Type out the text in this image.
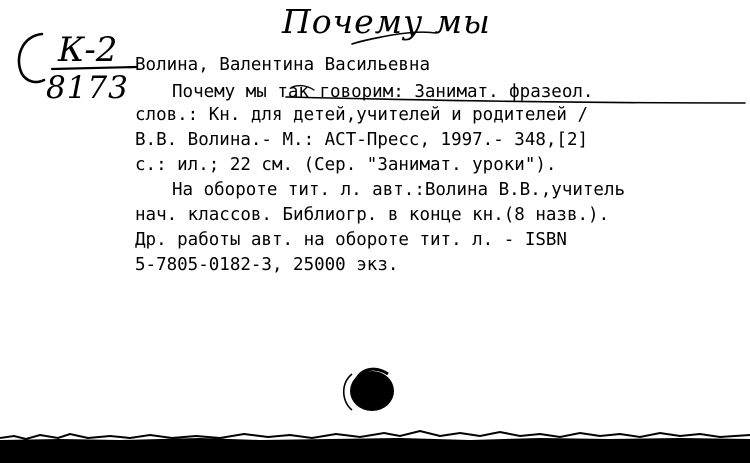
Почему мы
К-2
8173
Волина, Валентина Васильевна
Почему мы так говорим: Занимат. фразеол.
слов.: Кн. для детей,учителей и родителей /
В.В. Волина.- М.: АСТ-Пресс, 1997.- 348,[2]
с.: ил.; 22 см. (Сер. "Занимат. уроки").
На обороте тит. л. авт.:Волина В.В.,учитель
нач. классов. Библиогр. в конце кн.(8 назв.).
Др. работы авт. на обороте тит. л. - ISBN
5-7805-0182-3, 25000 экз.
